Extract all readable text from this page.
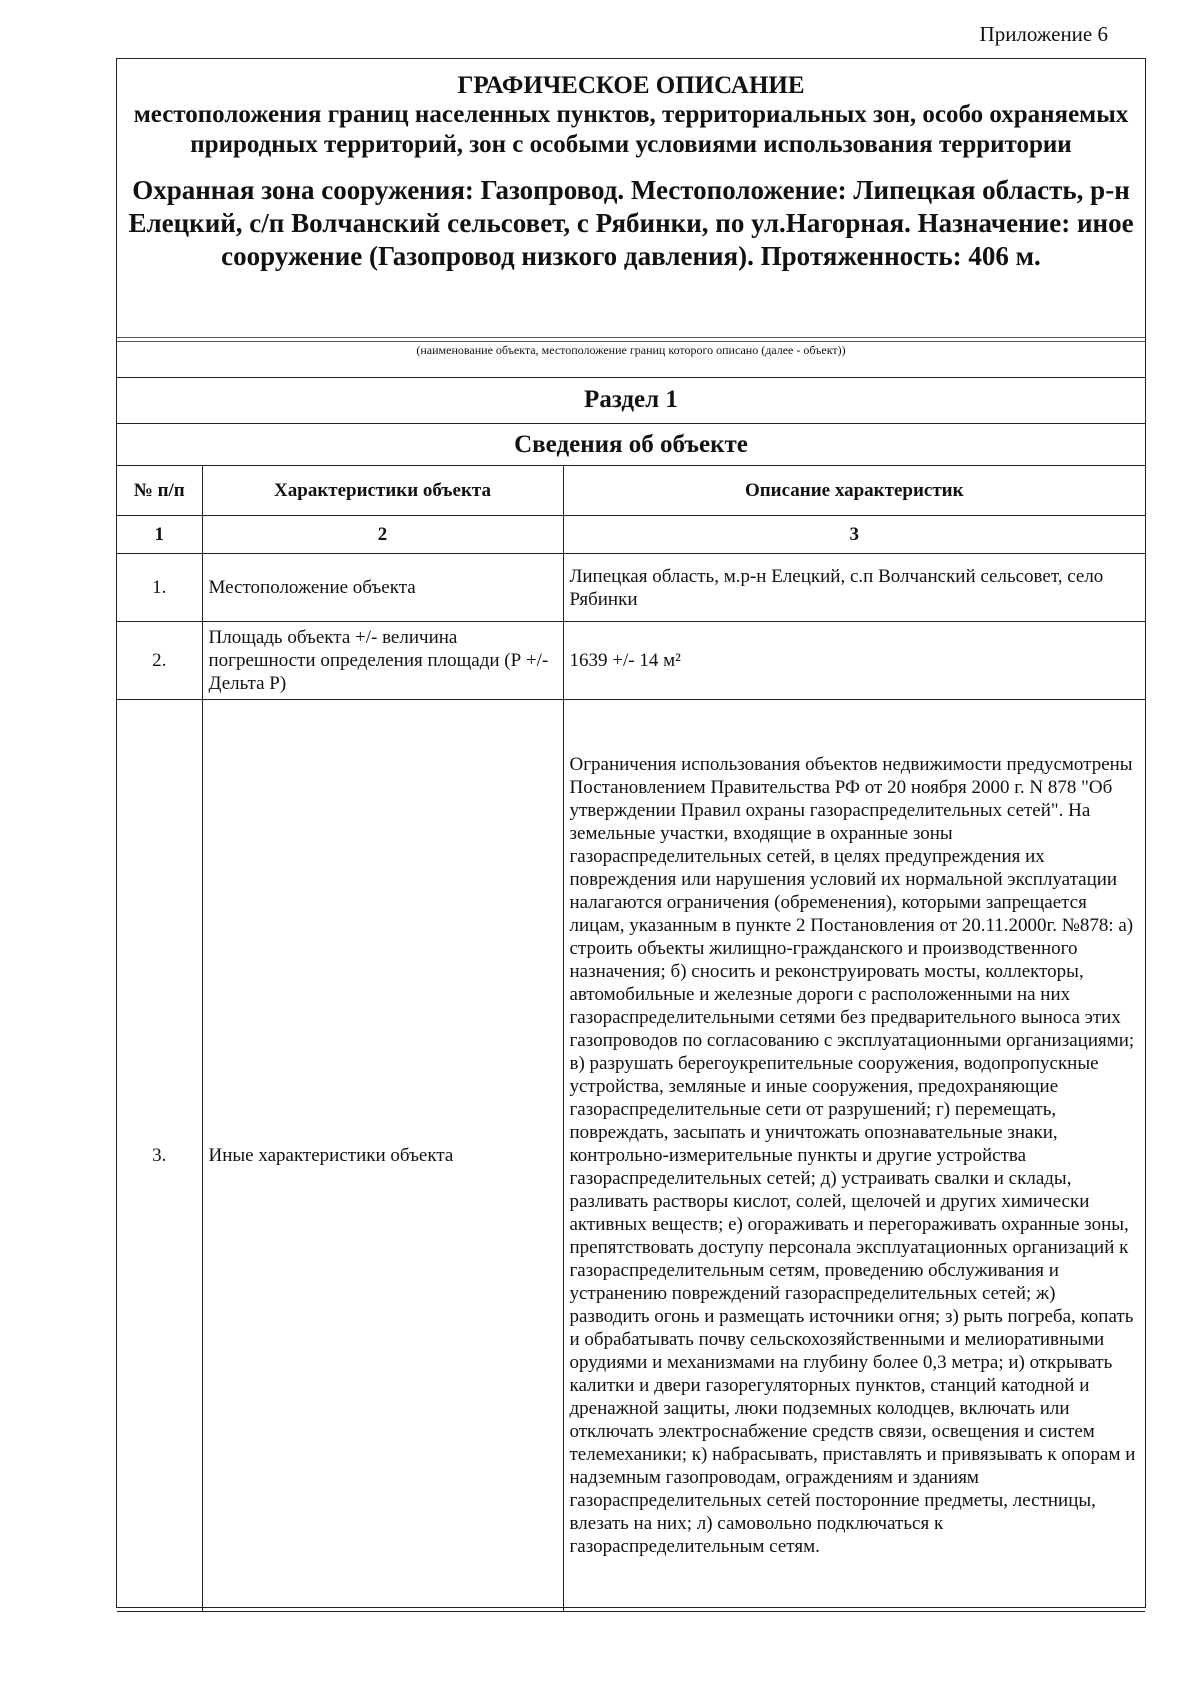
Приложение 6
ГРАФИЧЕСКОЕ ОПИСАНИЕ
местоположения границ населенных пунктов, территориальных зон, особо охраняемых природных территорий, зон с особыми условиями использования территории
Охранная зона сооружения: Газопровод. Местоположение: Липецкая область, р-н Елецкий, с/п Волчанский сельсовет, с Рябинки, по ул.Нагорная. Назначение: иное сооружение (Газопровод низкого давления). Протяженность: 406 м.
(наименование объекта, местоположение границ которого описано (далее - объект))
Раздел 1
Сведения об объекте
№ п/п	Характеристики объекта	Описание характеристик
1	2	3
1.	Местоположение объекта	Липецкая область, м.р-н Елецкий, с.п Волчанский сельсовет, село Рябинки
2.	Площадь объекта +/- величина погрешности определения площади (Р +/- Дельта Р)	1639 +/- 14 м²
3.	Иные характеристики объекта	Ограничения использования объектов недвижимости предусмотрены Постановлением Правительства РФ от 20 ноября 2000 г. N 878 "Об утверждении Правил охраны газораспределительных сетей". На земельные участки, входящие в охранные зоны газораспределительных сетей, в целях предупреждения их повреждения или нарушения условий их нормальной эксплуатации налагаются ограничения (обременения), которыми запрещается лицам, указанным в пункте 2 Постановления от 20.11.2000г. №878: а) строить объекты жилищно-гражданского и производственного назначения; б) сносить и реконструировать мосты, коллекторы, автомобильные и железные дороги с расположенными на них газораспределительными сетями без предварительного выноса этих газопроводов по согласованию с эксплуатационными организациями; в) разрушать берегоукрепительные сооружения, водопропускные устройства, земляные и иные сооружения, предохраняющие газораспределительные сети от разрушений; г) перемещать, повреждать, засыпать и уничтожать опознавательные знаки, контрольно-измерительные пункты и другие устройства газораспределительных сетей; д) устраивать свалки и склады, разливать растворы кислот, солей, щелочей и других химически активных веществ; е) огораживать и перегораживать охранные зоны, препятствовать доступу персонала эксплуатационных организаций к газораспределительным сетям, проведению обслуживания и устранению повреждений газораспределительных сетей; ж) разводить огонь и размещать источники огня; з) рыть погреба, копать и обрабатывать почву сельскохозяйственными и мелиоративными орудиями и механизмами на глубину более 0,3 метра; и) открывать калитки и двери газорегуляторных пунктов, станций катодной и дренажной защиты, люки подземных колодцев, включать или отключать электроснабжение средств связи, освещения и систем телемеханики; к) набрасывать, приставлять и привязывать к опорам и надземным газопроводам, ограждениям и зданиям газораспределительных сетей посторонние предметы, лестницы, влезать на них; л) самовольно подключаться к газораспределительным сетям.
